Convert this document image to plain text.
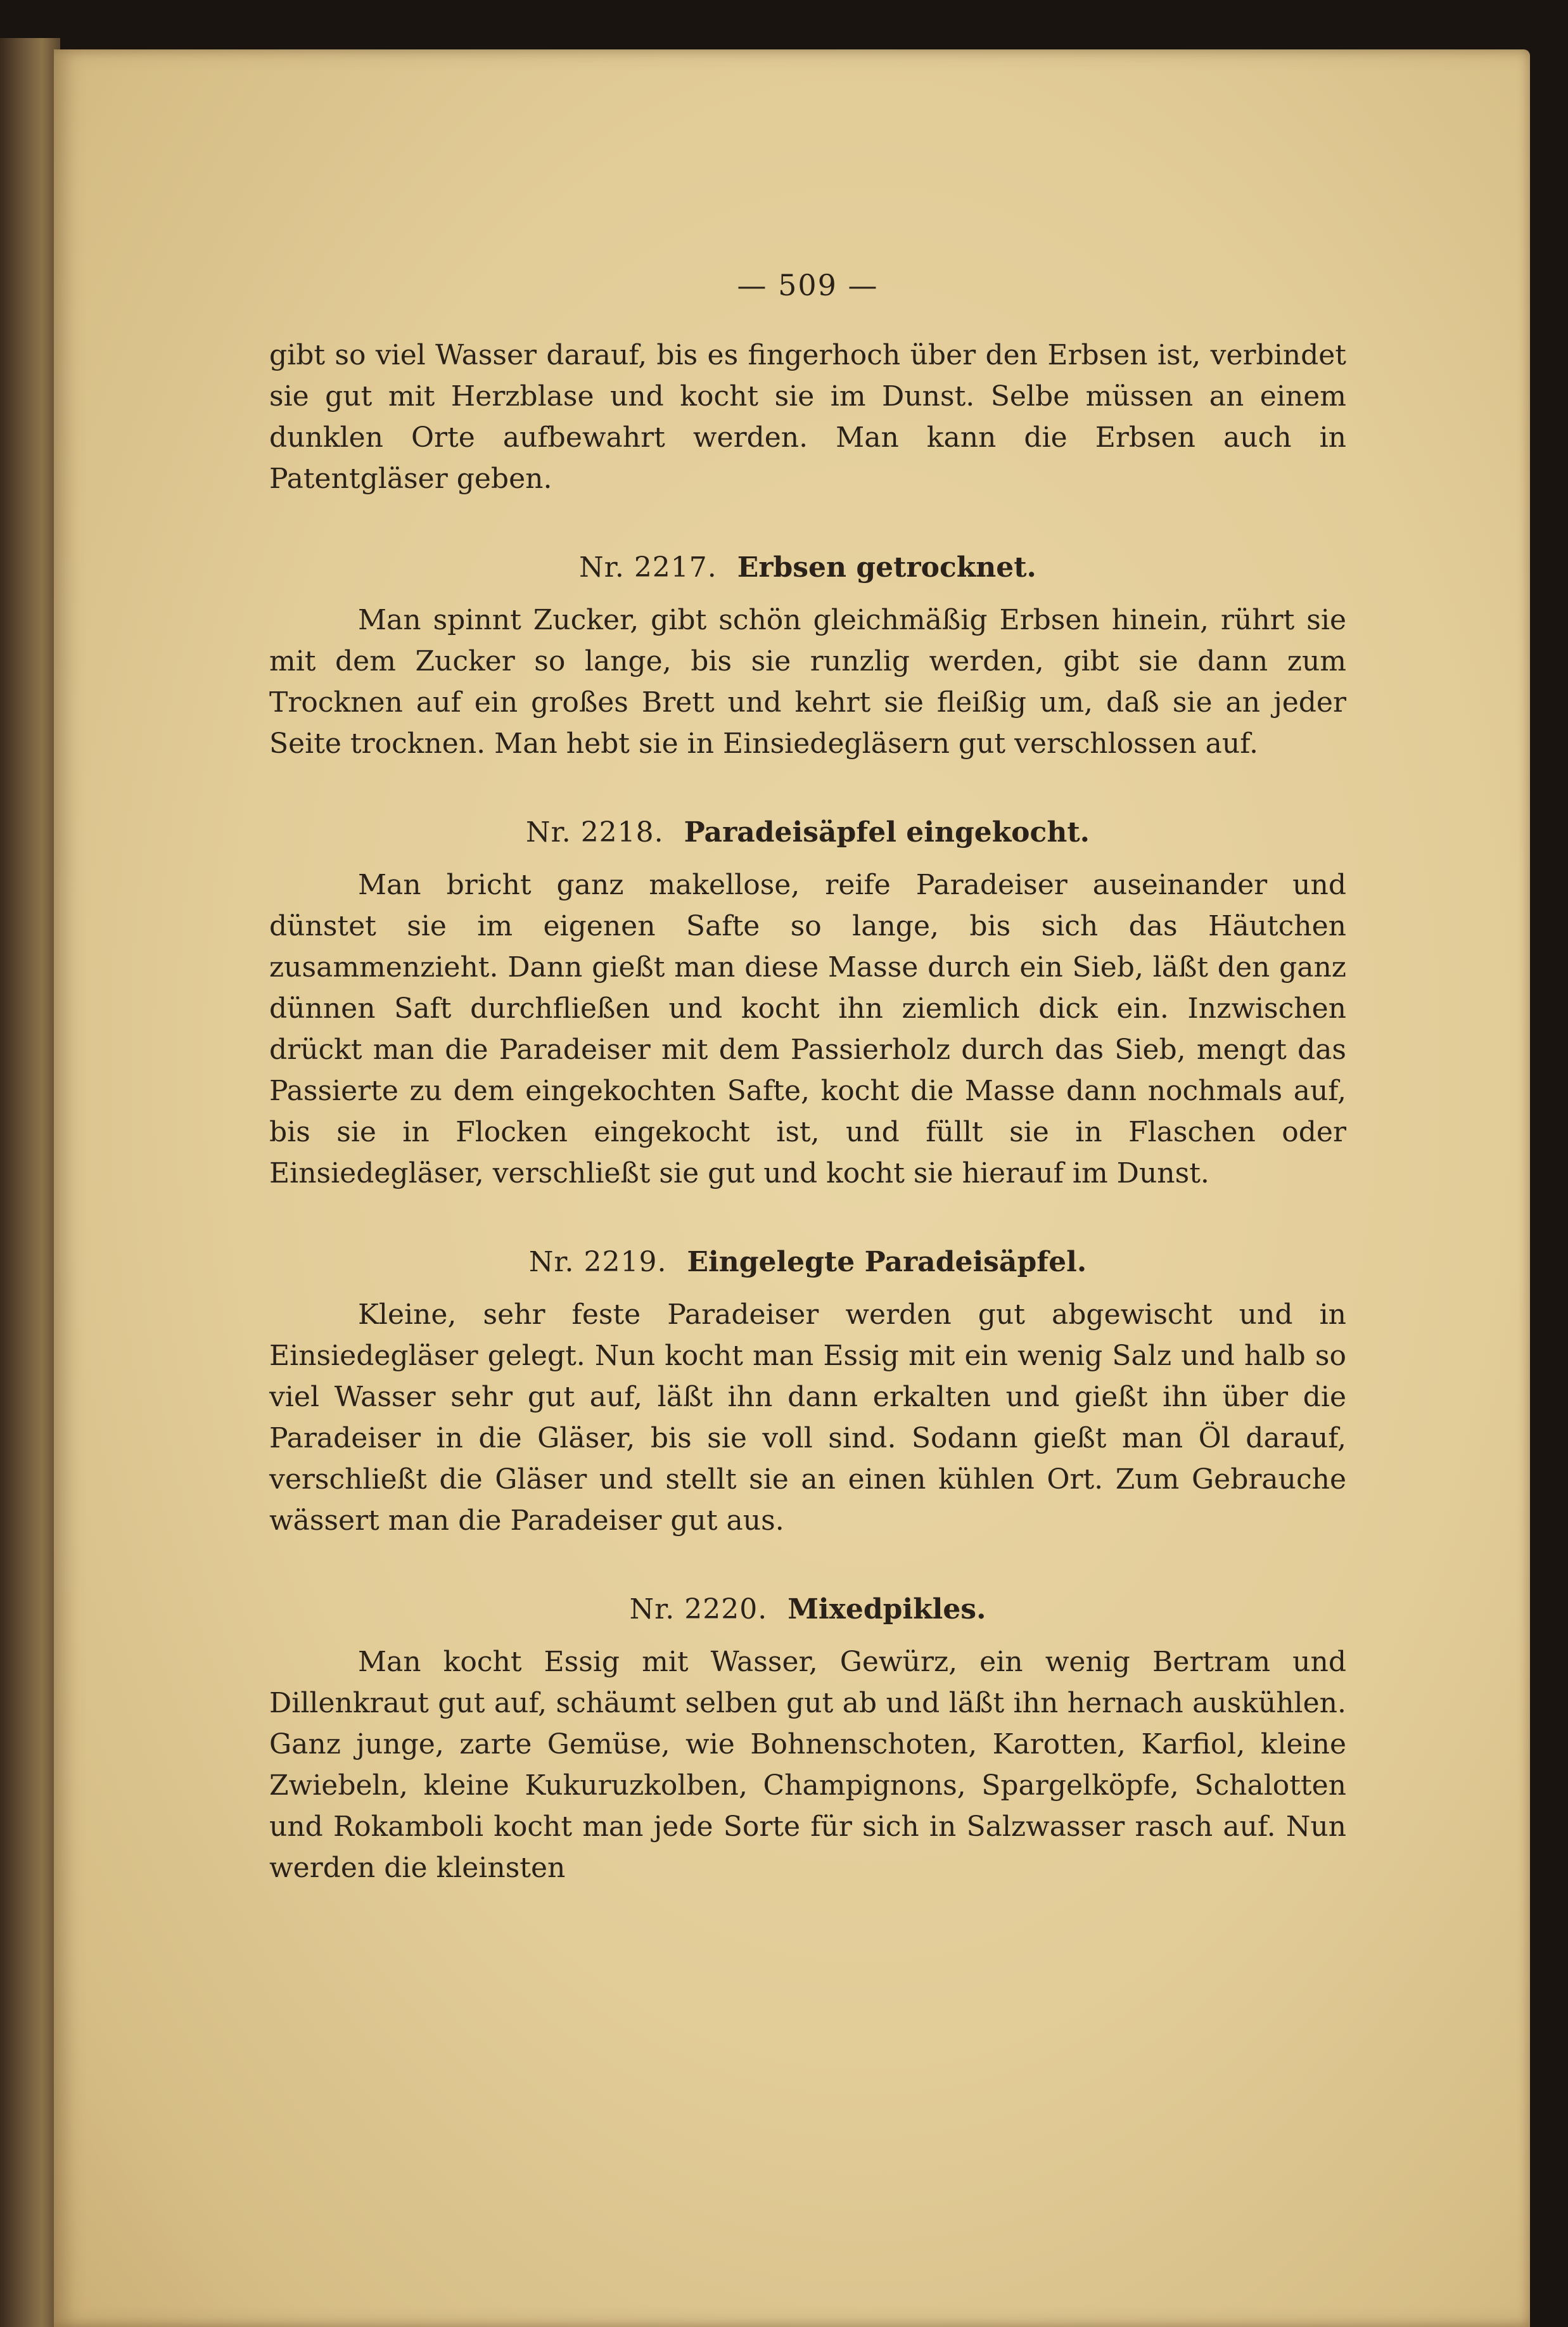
— 509 —

gibt so viel Wasser darauf, bis es fingerhoch über den Erbsen ist, verbindet sie gut mit Herzblase und kocht sie im Dunst. Selbe müssen an einem dunklen Orte aufbewahrt werden. Man kann die Erbsen auch in Patentgläser geben.

Nr. 2217. Erbsen getrocknet.

Man spinnt Zucker, gibt schön gleichmäßig Erbsen hinein, rührt sie mit dem Zucker so lange, bis sie runzlig werden, gibt sie dann zum Trocknen auf ein großes Brett und kehrt sie fleißig um, daß sie an jeder Seite trocknen. Man hebt sie in Einsiedegläsern gut verschlossen auf.

Nr. 2218. Paradeisäpfel eingekocht.

Man bricht ganz makellose, reife Paradeiser auseinander und dünstet sie im eigenen Safte so lange, bis sich das Häutchen zusammenzieht. Dann gießt man diese Masse durch ein Sieb, läßt den ganz dünnen Saft durchfließen und kocht ihn ziemlich dick ein. Inzwischen drückt man die Paradeiser mit dem Passierholz durch das Sieb, mengt das Passierte zu dem eingekochten Safte, kocht die Masse dann nochmals auf, bis sie in Flocken eingekocht ist, und füllt sie in Flaschen oder Einsiedegläser, verschließt sie gut und kocht sie hierauf im Dunst.

Nr. 2219. Eingelegte Paradeisäpfel.

Kleine, sehr feste Paradeiser werden gut abgewischt und in Einsiedegläser gelegt. Nun kocht man Essig mit ein wenig Salz und halb so viel Wasser sehr gut auf, läßt ihn dann erkalten und gießt ihn über die Paradeiser in die Gläser, bis sie voll sind. Sodann gießt man Öl darauf, verschließt die Gläser und stellt sie an einen kühlen Ort. Zum Gebrauche wässert man die Paradeiser gut aus.

Nr. 2220. Mixedpikles.

Man kocht Essig mit Wasser, Gewürz, ein wenig Bertram und Dillenkraut gut auf, schäumt selben gut ab und läßt ihn hernach auskühlen. Ganz junge, zarte Gemüse, wie Bohnenschoten, Karotten, Karfiol, kleine Zwiebeln, kleine Kukuruzkolben, Champignons, Spargelköpfe, Schalotten und Rokamboli kocht man jede Sorte für sich in Salzwasser rasch auf. Nun werden die kleinsten
